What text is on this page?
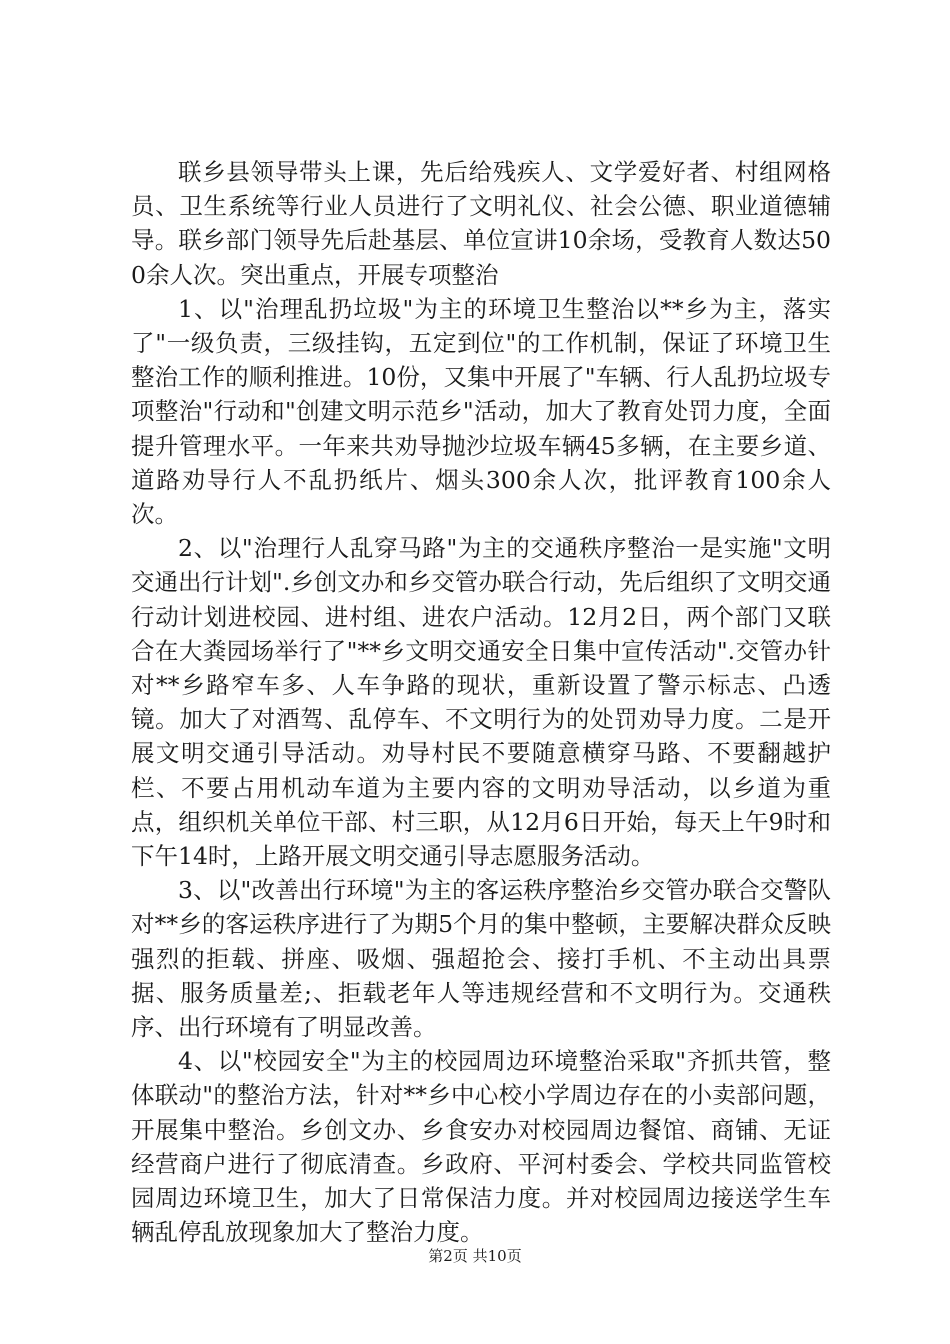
联乡县领导带头上课，先后给残疾人、文学爱好者、村组网格员、卫生系统等行业人员进行了文明礼仪、社会公德、职业道德辅导。联乡部门领导先后赴基层、单位宣讲10余场，受教育人数达500余人次。突出重点，开展专项整治

1、以"治理乱扔垃圾"为主的环境卫生整治以**乡为主，落实了"一级负责，三级挂钩，五定到位"的工作机制，保证了环境卫生整治工作的顺利推进。10份，又集中开展了"车辆、行人乱扔垃圾专项整治"行动和"创建文明示范乡"活动，加大了教育处罚力度，全面提升管理水平。一年来共劝导抛沙垃圾车辆45多辆，在主要乡道、道路劝导行人不乱扔纸片、烟头300余人次，批评教育100余人次。

2、以"治理行人乱穿马路"为主的交通秩序整治一是实施"文明交通出行计划".乡创文办和乡交管办联合行动，先后组织了文明交通行动计划进校园、进村组、进农户活动。12月2日，两个部门又联合在大粪园场举行了"**乡文明交通安全日集中宣传活动".交管办针对**乡路窄车多、人车争路的现状，重新设置了警示标志、凸透镜。加大了对酒驾、乱停车、不文明行为的处罚劝导力度。二是开展文明交通引导活动。劝导村民不要随意横穿马路、不要翻越护栏、不要占用机动车道为主要内容的文明劝导活动，以乡道为重点，组织机关单位干部、村三职，从12月6日开始，每天上午9时和下午14时，上路开展文明交通引导志愿服务活动。

3、以"改善出行环境"为主的客运秩序整治乡交管办联合交警队对**乡的客运秩序进行了为期5个月的集中整顿，主要解决群众反映强烈的拒载、拼座、吸烟、强超抢会、接打手机、不主动出具票据、服务质量差;、拒载老年人等违规经营和不文明行为。交通秩序、出行环境有了明显改善。

4、以"校园安全"为主的校园周边环境整治采取"齐抓共管，整体联动"的整治方法，针对**乡中心校小学周边存在的小卖部问题，开展集中整治。乡创文办、乡食安办对校园周边餐馆、商铺、无证经营商户进行了彻底清查。乡政府、平河村委会、学校共同监管校园周边环境卫生，加大了日常保洁力度。并对校园周边接送学生车辆乱停乱放现象加大了整治力度。

第2页 共10页
